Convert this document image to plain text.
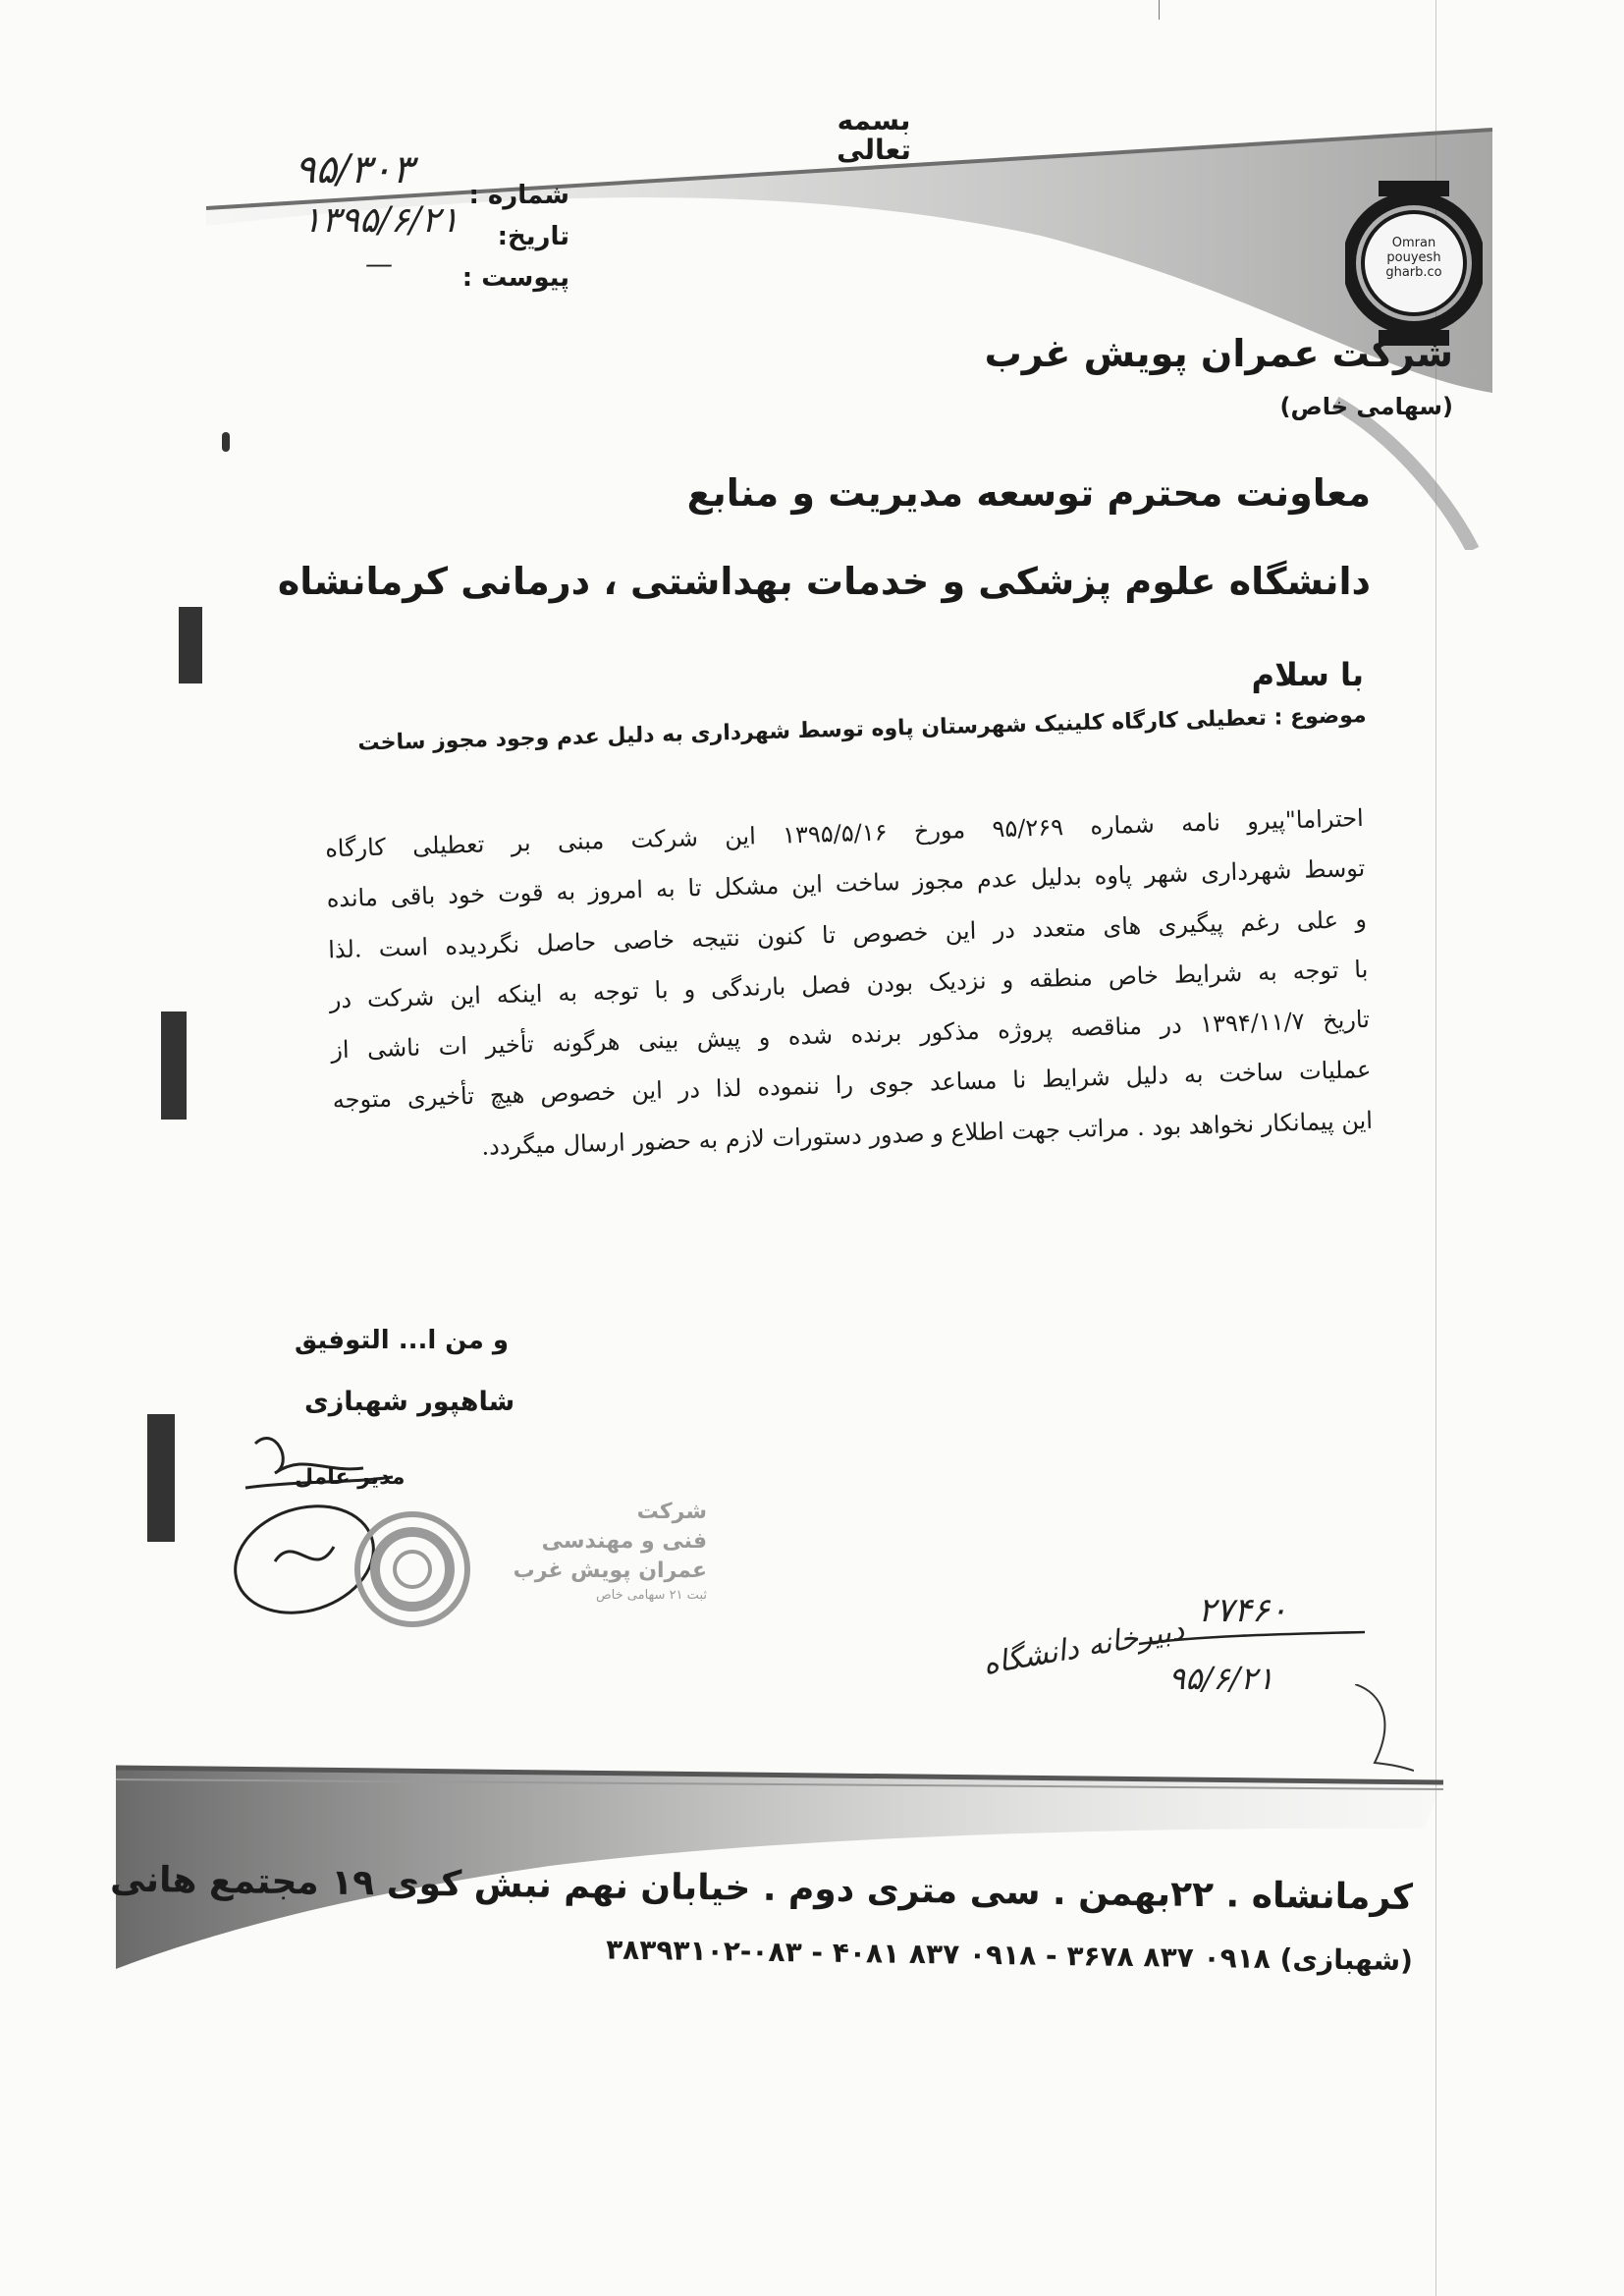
بسمه تعالی
شماره :
تاریخ:
پیوست :
۹۵/۳۰۳
۱۳۹۵/۶/۲۱
—
Omran
pouyesh
gharb.co
شرکت عمران پویش غرب
(سهامی خاص)
معاونت محترم توسعه مدیریت و منابع
دانشگاه علوم پزشکی و خدمات بهداشتی ، درمانی کرمانشاه
با سلام
موضوع : تعطیلی کارگاه کلینیک شهرستان پاوه توسط شهرداری به دلیل عدم وجود مجوز ساخت

احتراما"پیرو نامه شماره ۹۵/۲۶۹ مورخ ۱۳۹۵/۵/۱۶ این شرکت مبنی بر تعطیلی کارگاه

توسط شهرداری شهر پاوه بدلیل عدم مجوز ساخت این مشکل تا به امروز به قوت خود باقی مانده

و علی رغم پیگیری های متعدد در این خصوص تا کنون نتیجه خاصی حاصل نگردیده است .لذا

با توجه به شرایط خاص منطقه و نزدیک بودن فصل بارندگی و با توجه به اینکه این شرکت در

تاریخ ۱۳۹۴/۱۱/۷ در مناقصه پروژه مذکور برنده شده و پیش بینی هرگونه تأخیر ات ناشی از

عملیات ساخت به دلیل شرایط نا مساعد جوی را ننموده لذا در این خصوص هیچ تأخیری متوجه

این پیمانکار نخواهد بود . مراتب جهت اطلاع و صدور دستورات لازم به حضور ارسال میگردد.

و من ا... التوفیق
شاهپور شهبازی
مدیر عامل
شرکت
فنی و مهندسی
عمران پویش غرب
ثبت ۲۱ سهامی خاص	۲۷۴۶۰
دبیرخانه دانشگاه
۹۵/۶/۲۱
کرمانشاه . ۲۲بهمن . سی متری دوم . خیابان نهم نبش کوی ۱۹ مجتمع هانی
(شهبازی) ۰۹۱۸ ۸۳۷ ۳۶۷۸ - ۰۹۱۸ ۸۳۷ ۴۰۸۱ - ۰۸۳-۳۸۳۹۳۱۰۲
